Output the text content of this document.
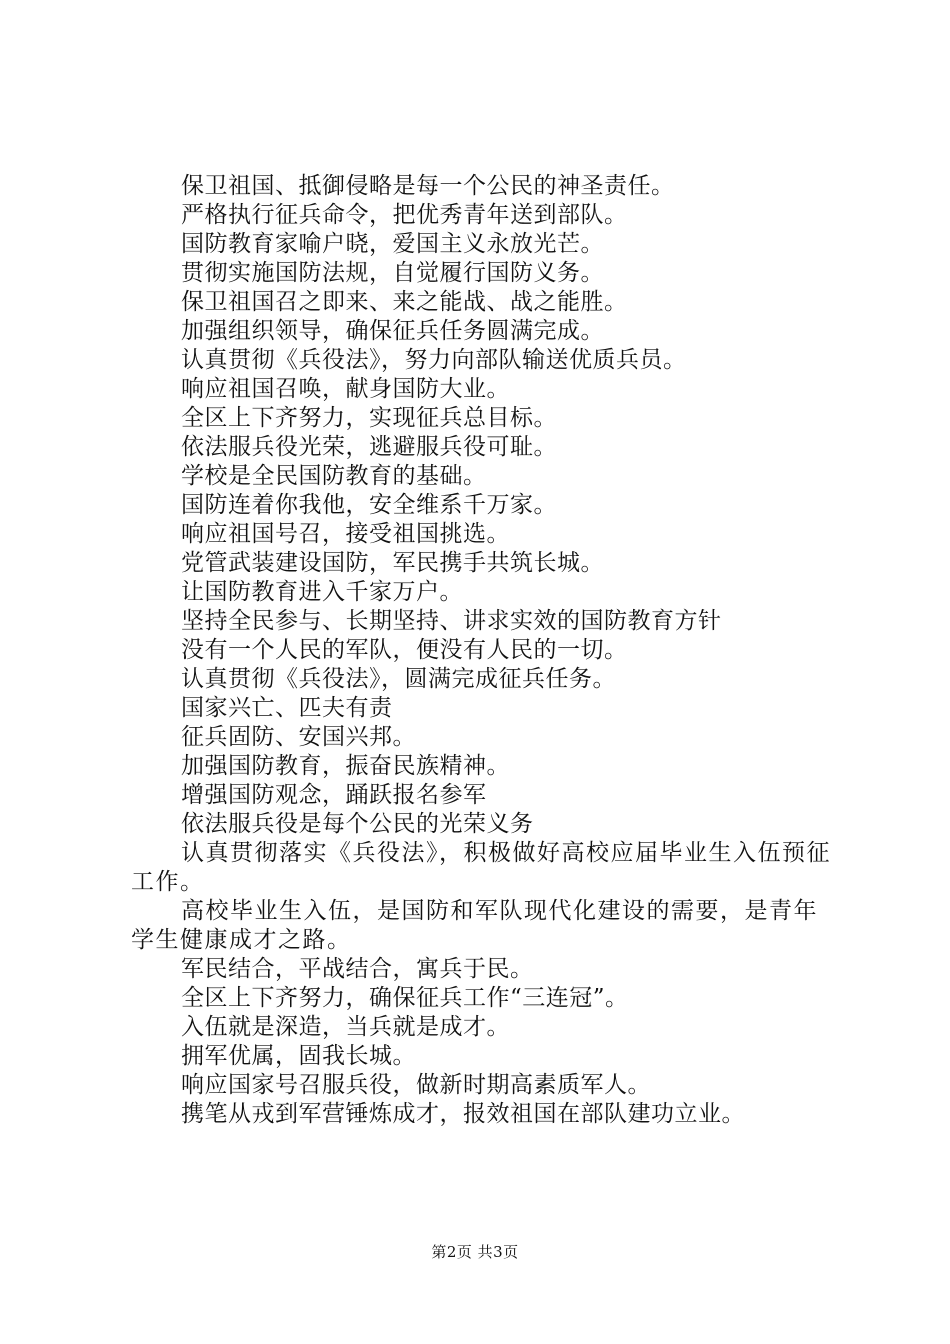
保卫祖国、抵御侵略是每一个公民的神圣责任。
严格执行征兵命令，把优秀青年送到部队。
国防教育家喻户晓，爱国主义永放光芒。
贯彻实施国防法规，自觉履行国防义务。
保卫祖国召之即来、来之能战、战之能胜。
加强组织领导，确保征兵任务圆满完成。
认真贯彻《兵役法》，努力向部队输送优质兵员。
响应祖国召唤，献身国防大业。
全区上下齐努力，实现征兵总目标。
依法服兵役光荣，逃避服兵役可耻。
学校是全民国防教育的基础。
国防连着你我他，安全维系千万家。
响应祖国号召，接受祖国挑选。
党管武装建设国防，军民携手共筑长城。
让国防教育进入千家万户。
坚持全民参与、长期坚持、讲求实效的国防教育方针
没有一个人民的军队，便没有人民的一切。
认真贯彻《兵役法》，圆满完成征兵任务。
国家兴亡、匹夫有责
征兵固防、安国兴邦。
加强国防教育，振奋民族精神。
增强国防观念，踊跃报名参军
依法服兵役是每个公民的光荣义务
认真贯彻落实《兵役法》，积极做好高校应届毕业生入伍预征工作。
高校毕业生入伍，是国防和军队现代化建设的需要，是青年学生健康成才之路。
军民结合，平战结合，寓兵于民。
全区上下齐努力，确保征兵工作“三连冠”。
入伍就是深造，当兵就是成才。
拥军优属，固我长城。
响应国家号召服兵役，做新时期高素质军人。
携笔从戎到军营锤炼成才，报效祖国在部队建功立业。
第2页 共3页
